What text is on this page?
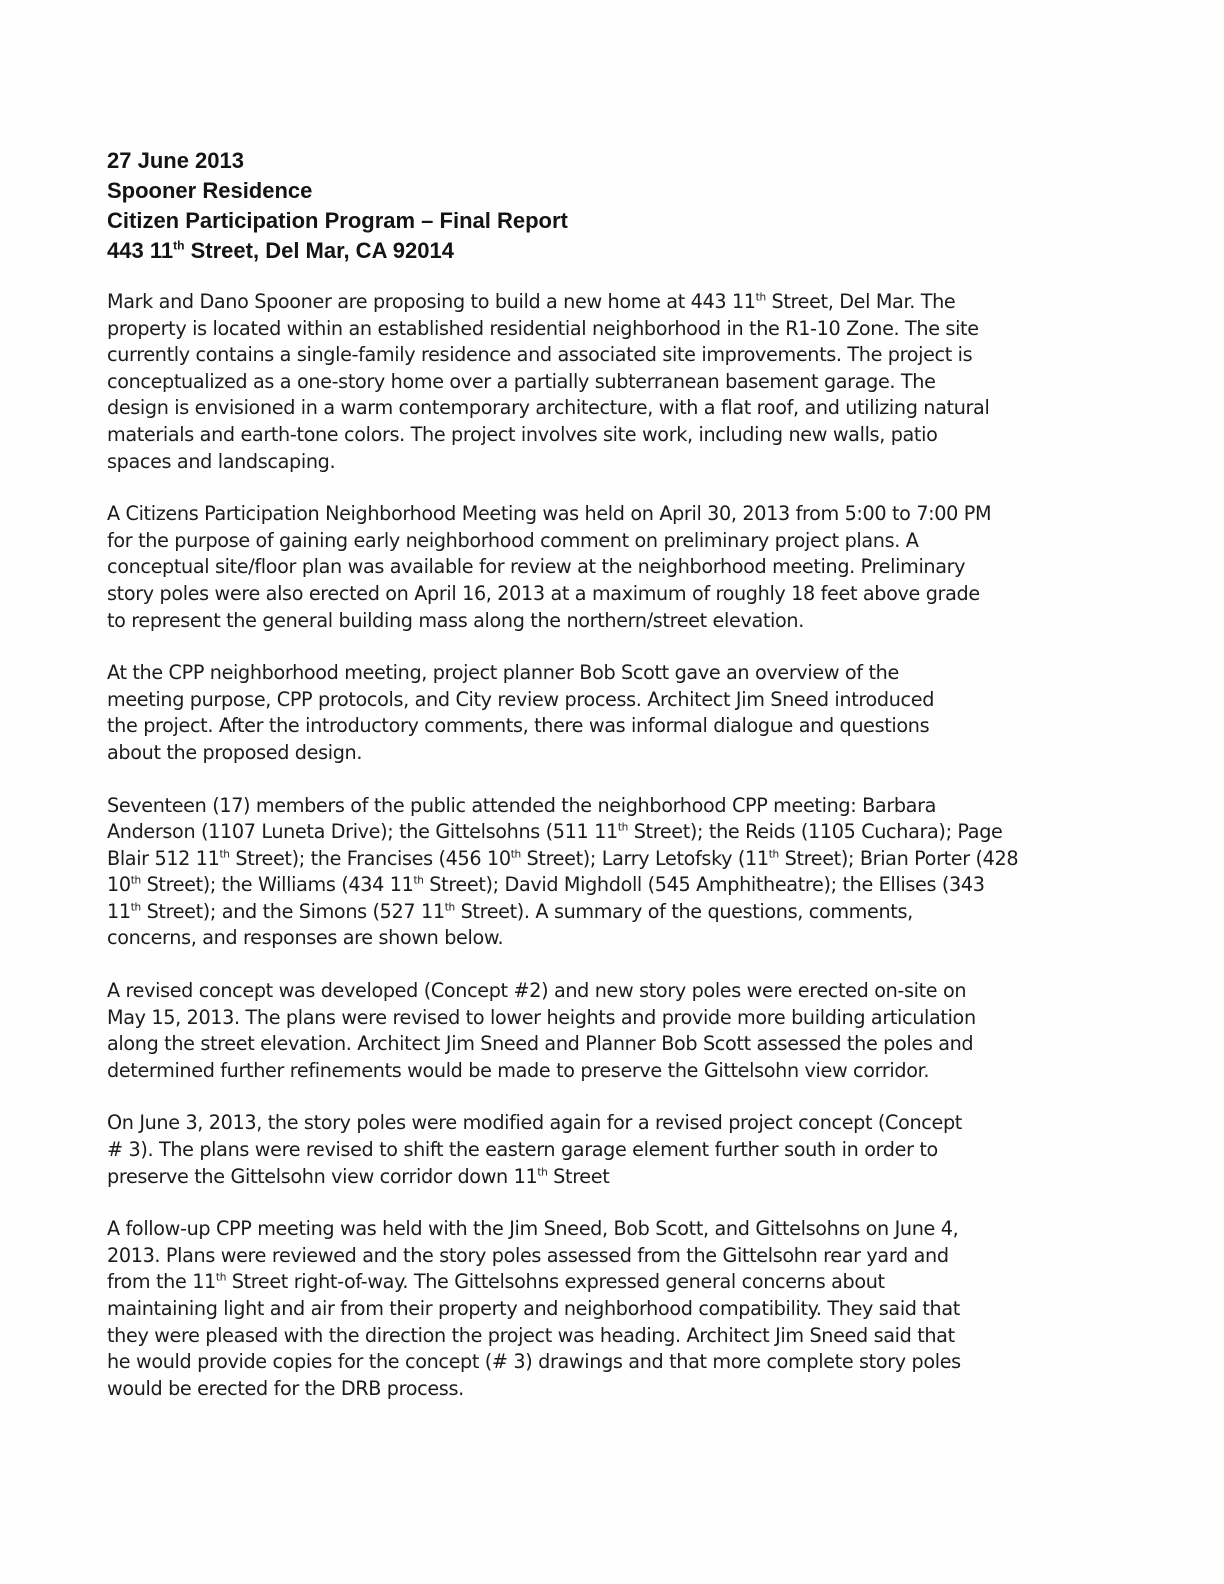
27 June 2013
Spooner Residence
Citizen Participation Program – Final Report
443 11th Street, Del Mar, CA 92014
Mark and Dano Spooner are proposing to build a new home at 443 11th Street, Del Mar. The
property is located within an established residential neighborhood in the R1-10 Zone. The site
currently contains a single-family residence and associated site improvements. The project is
conceptualized as a one-story home over a partially subterranean basement garage. The
design is envisioned in a warm contemporary architecture, with a flat roof, and utilizing natural
materials and earth-tone colors. The project involves site work, including new walls, patio
spaces and landscaping.
A Citizens Participation Neighborhood Meeting was held on April 30, 2013 from 5:00 to 7:00 PM
for the purpose of gaining early neighborhood comment on preliminary project plans. A
conceptual site/floor plan was available for review at the neighborhood meeting. Preliminary
story poles were also erected on April 16, 2013 at a maximum of roughly 18 feet above grade
to represent the general building mass along the northern/street elevation.
At the CPP neighborhood meeting, project planner Bob Scott gave an overview of the
meeting purpose, CPP protocols, and City review process. Architect Jim Sneed introduced
the project. After the introductory comments, there was informal dialogue and questions
about the proposed design.
Seventeen (17) members of the public attended the neighborhood CPP meeting: Barbara
Anderson (1107 Luneta Drive); the Gittelsohns (511 11th Street); the Reids (1105 Cuchara); Page
Blair 512 11th Street); the Francises (456 10th Street); Larry Letofsky (11th Street); Brian Porter (428
10th Street); the Williams (434 11th Street); David Mighdoll (545 Amphitheatre); the Ellises (343
11th Street); and the Simons (527 11th Street). A summary of the questions, comments,
concerns, and responses are shown below.
A revised concept was developed (Concept #2) and new story poles were erected on-site on
May 15, 2013. The plans were revised to lower heights and provide more building articulation
along the street elevation. Architect Jim Sneed and Planner Bob Scott assessed the poles and
determined further refinements would be made to preserve the Gittelsohn view corridor.
On June 3, 2013, the story poles were modified again for a revised project concept (Concept
# 3). The plans were revised to shift the eastern garage element further south in order to
preserve the Gittelsohn view corridor down 11th Street
A follow-up CPP meeting was held with the Jim Sneed, Bob Scott, and Gittelsohns on June 4,
2013. Plans were reviewed and the story poles assessed from the Gittelsohn rear yard and
from the 11th Street right-of-way. The Gittelsohns expressed general concerns about
maintaining light and air from their property and neighborhood compatibility. They said that
they were pleased with the direction the project was heading. Architect Jim Sneed said that
he would provide copies for the concept (# 3) drawings and that more complete story poles
would be erected for the DRB process.
